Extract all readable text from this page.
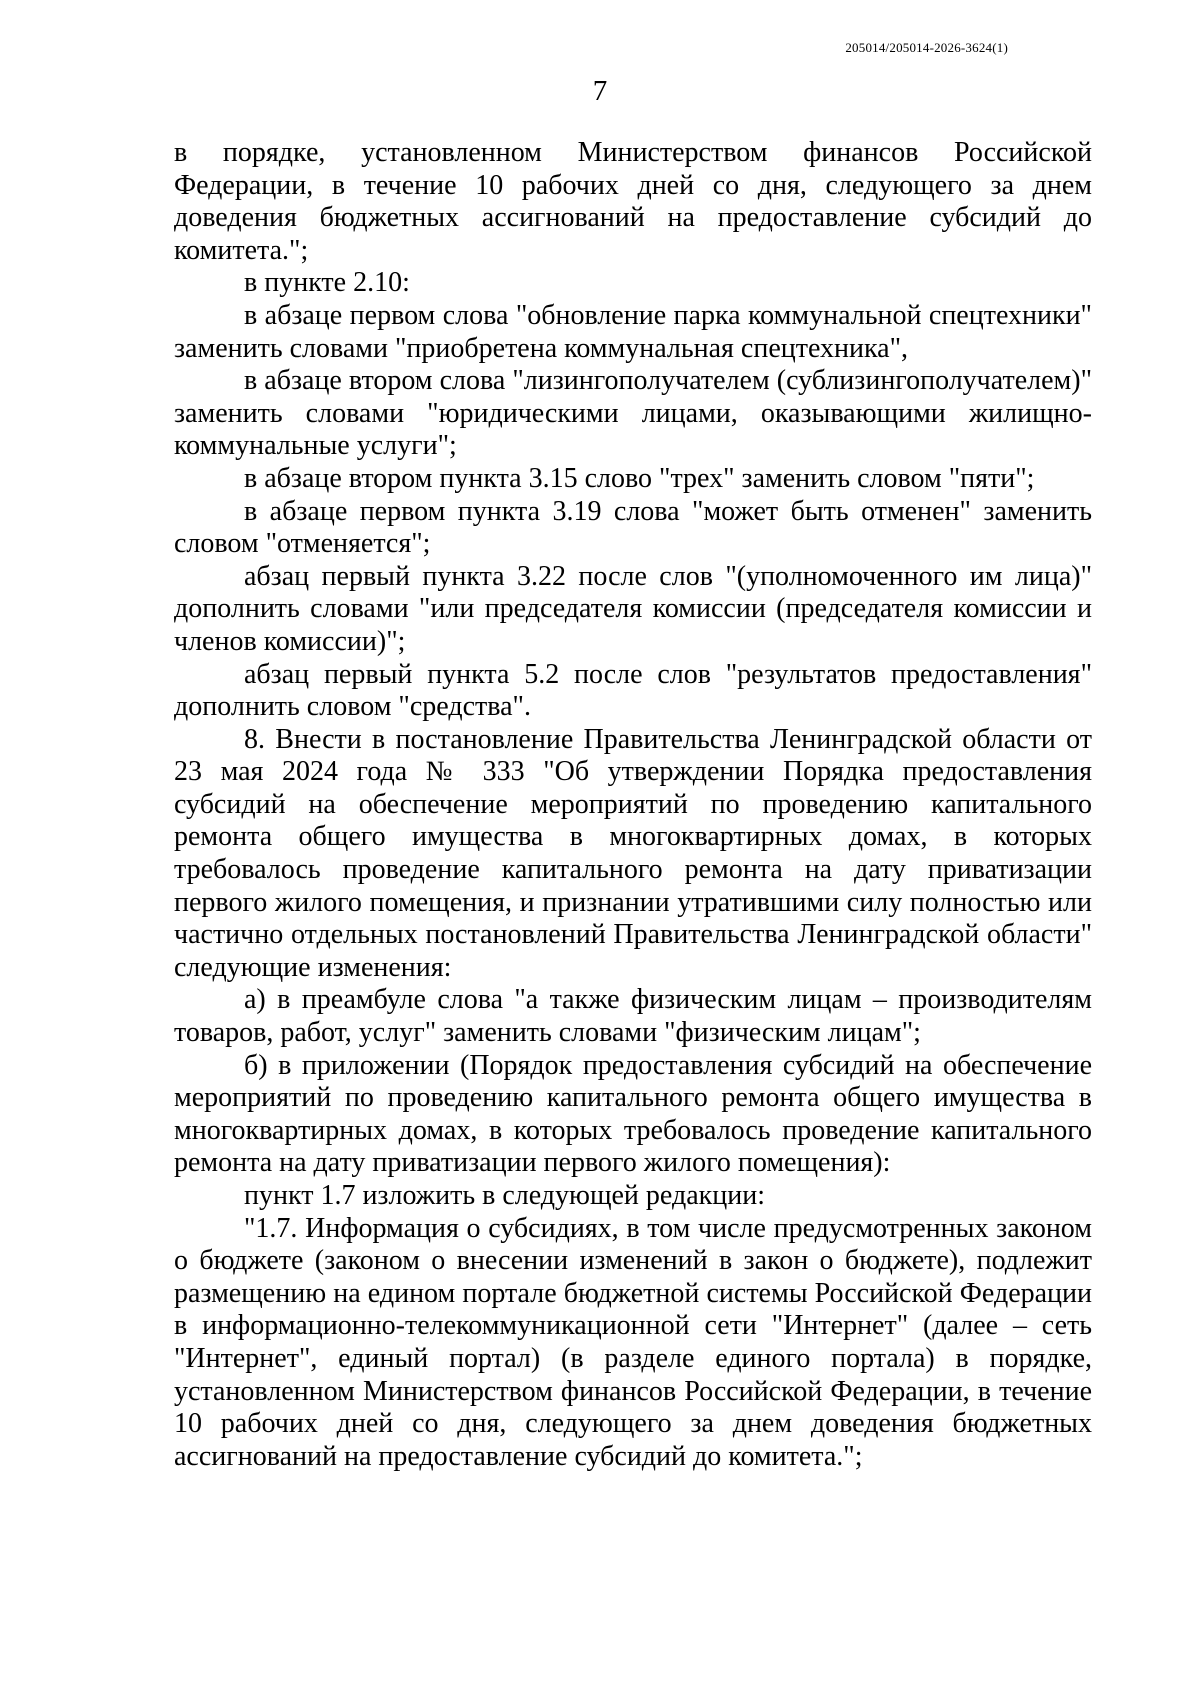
205014/205014-2026-3624(1)
7

в порядке, установленном Министерством финансов Российской Федерации, в течение 10 рабочих дней со дня, следующего за днем доведения бюджетных ассигнований на предоставление субсидий до комитета.";

в пункте 2.10:

в абзаце первом слова "обновление парка коммунальной спецтехники" заменить словами "приобретена коммунальная спецтехника",

в абзаце втором слова "лизингополучателем (сублизингополучателем)" заменить словами "юридическими лицами, оказывающими жилищно-коммунальные услуги";

в абзаце втором пункта 3.15 слово "трех" заменить словом "пяти";

в абзаце первом пункта 3.19 слова "может быть отменен" заменить словом "отменяется";

абзац первый пункта 3.22 после слов "(уполномоченного им лица)" дополнить словами "или председателя комиссии (председателя комиссии и членов комиссии)";

абзац первый пункта 5.2 после слов "результатов предоставления" дополнить словом "средства".

8. Внести в постановление Правительства Ленинградской области от 23 мая 2024 года № 333 "Об утверждении Порядка предоставления субсидий на обеспечение мероприятий по проведению капитального ремонта общего имущества в многоквартирных домах, в которых требовалось проведение капитального ремонта на дату приватизации первого жилого помещения, и признании утратившими силу полностью или частично отдельных постановлений Правительства Ленинградской области" следующие изменения:

а) в преамбуле слова "а также физическим лицам – производителям товаров, работ, услуг" заменить словами "физическим лицам";

б) в приложении (Порядок предоставления субсидий на обеспечение мероприятий по проведению капитального ремонта общего имущества в многоквартирных домах, в которых требовалось проведение капитального ремонта на дату приватизации первого жилого помещения):

пункт 1.7 изложить в следующей редакции:

"1.7. Информация о субсидиях, в том числе предусмотренных законом о бюджете (законом о внесении изменений в закон о бюджете), подлежит размещению на едином портале бюджетной системы Российской Федерации в информационно-телекоммуникационной сети "Интернет" (далее – сеть "Интернет", единый портал) (в разделе единого портала) в порядке, установленном Министерством финансов Российской Федерации, в течение 10 рабочих дней со дня, следующего за днем доведения бюджетных ассигнований на предоставление субсидий до комитета.";
